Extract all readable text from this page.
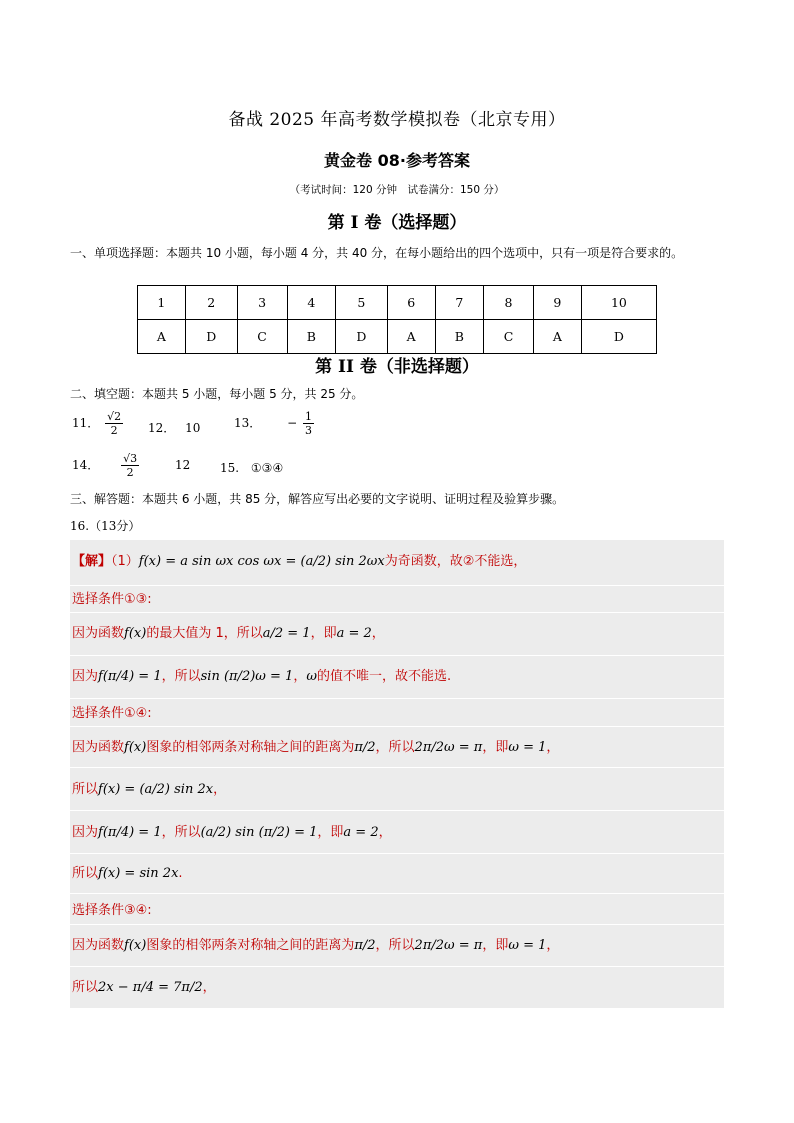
备战 2025 年高考数学模拟卷（北京专用）
黄金卷 08·参考答案
（考试时间：120 分钟　试卷满分：150 分）
第 I 卷（选择题）
一、单项选择题：本题共 10 小题，每小题 4 分，共 40 分，在每小题给出的四个选项中，只有一项是符合要求的。
1	2	3	4	5	6	7	8	9	10
A	D	C	B	D	A	B	C	A	D
第 II 卷（非选择题）
二、填空题：本题共 5 小题，每小题 5 分，共 25 分。
11． $\frac{√2}{2} 12$． 10	13． − $\frac{1}{3}$
14． $\frac{√3}{2}$	12 15. ①③④
三、解答题：本题共 6 小题，共 85 分，解答应写出必要的文字说明、证明过程及验算步骤。
16.（13分）
【解】（1）f(x) = a sin ωx cos ωx = (a/2) sin 2ωx为奇函数，故②不能选，
选择条件①③:
因为函数f(x)的最大值为 1，所以a/2 = 1，即a = 2，
因为f(π/4) = 1，所以sin (π/2)ω = 1，ω的值不唯一，故不能选.
选择条件①④:
因为函数f(x)图象的相邻两条对称轴之间的距离为π/2，所以2π/2ω = π，即ω = 1，
所以f(x) = (a/2) sin 2x，
因为f(π/4) = 1，所以(a/2) sin (π/2) = 1，即a = 2，
所以f(x) = sin 2x.
选择条件③④:
因为函数f(x)图象的相邻两条对称轴之间的距离为π/2，所以2π/2ω = π，即ω = 1，
所以2x − π/4 = 7π/2，
